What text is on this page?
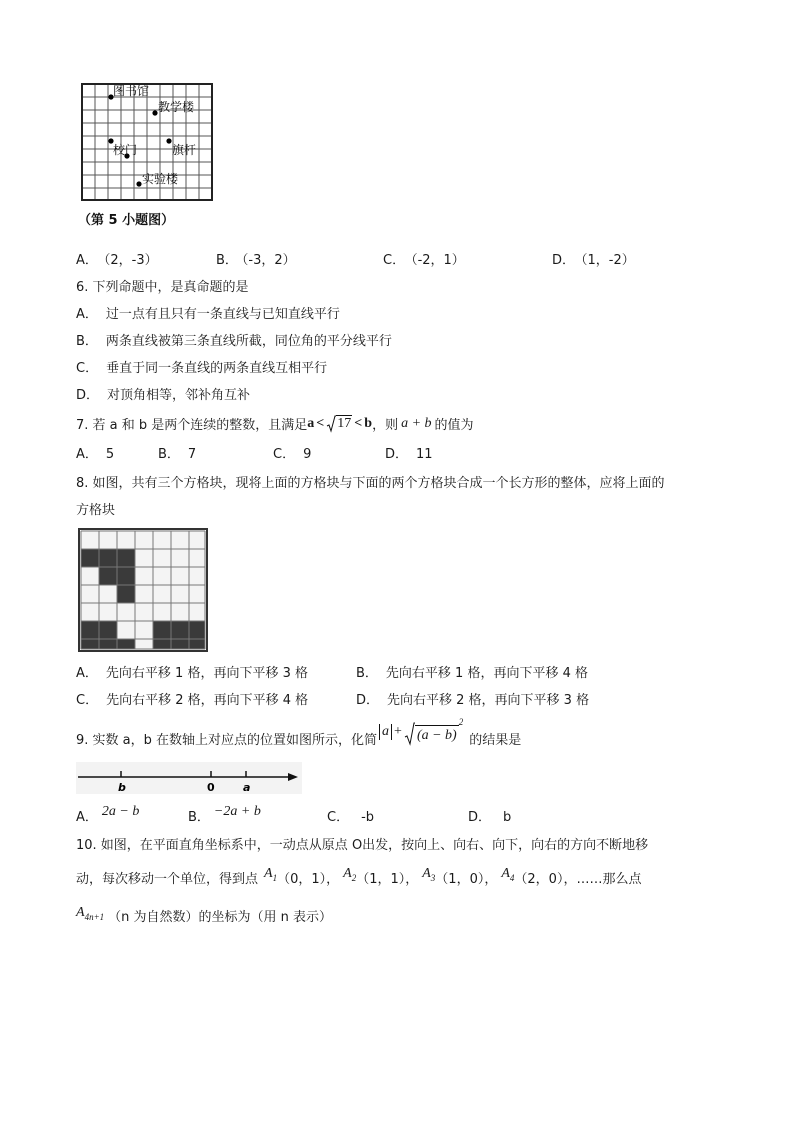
图书馆
教学楼
校门	旗杆
实验楼
（第 5 小题图）
A． （2，-3）	B． （-3，2）	C． （-2，1）	D． （1，-2）
6. 下列命题中，是真命题的是
A． 过一点有且只有一条直线与已知直线平行
B． 两条直线被第三条直线所截，同位角的平分线平行
C． 垂直于同一条直线的两条直线互相平行
D． 对顶角相等，邻补角互补
7. 若 a 和 b 是两个连续的整数，且满足 a < 17 < b ，则 a + b 的值为
A． 5	B． 7	C． 9	D． 11
8. 如图，共有三个方格块，现将上面的方格块与下面的两个方格块合成一个长方形的整体，应将上面的
方格块
A． 先向右平移 1 格，再向下平移 3 格	B． 先向右平移 1 格，再向下平移 4 格
C． 先向右平移 2 格，再向下平移 4 格	D． 先向右平移 2 格，再向下平移 3 格
9. 实数 a，b 在数轴上对应点的位置如图所示，化简
a + (a − b)
2
的结果是
b	0	a
A． 2a − b	B． −2a + b	C． -b	D． b
10. 如图，在平面直角坐标系中，一动点从原点 O出发，按向上、向右、向下，向右的方向不断地移
动，每次移动一个单位，得到点 A 1 （0，1）， A 2 （1，1）， A 3 （1，0）， A 4 （2，0）， ……那么点
A 4n+1 （n 为自然数）的坐标为（用 n 表示）
